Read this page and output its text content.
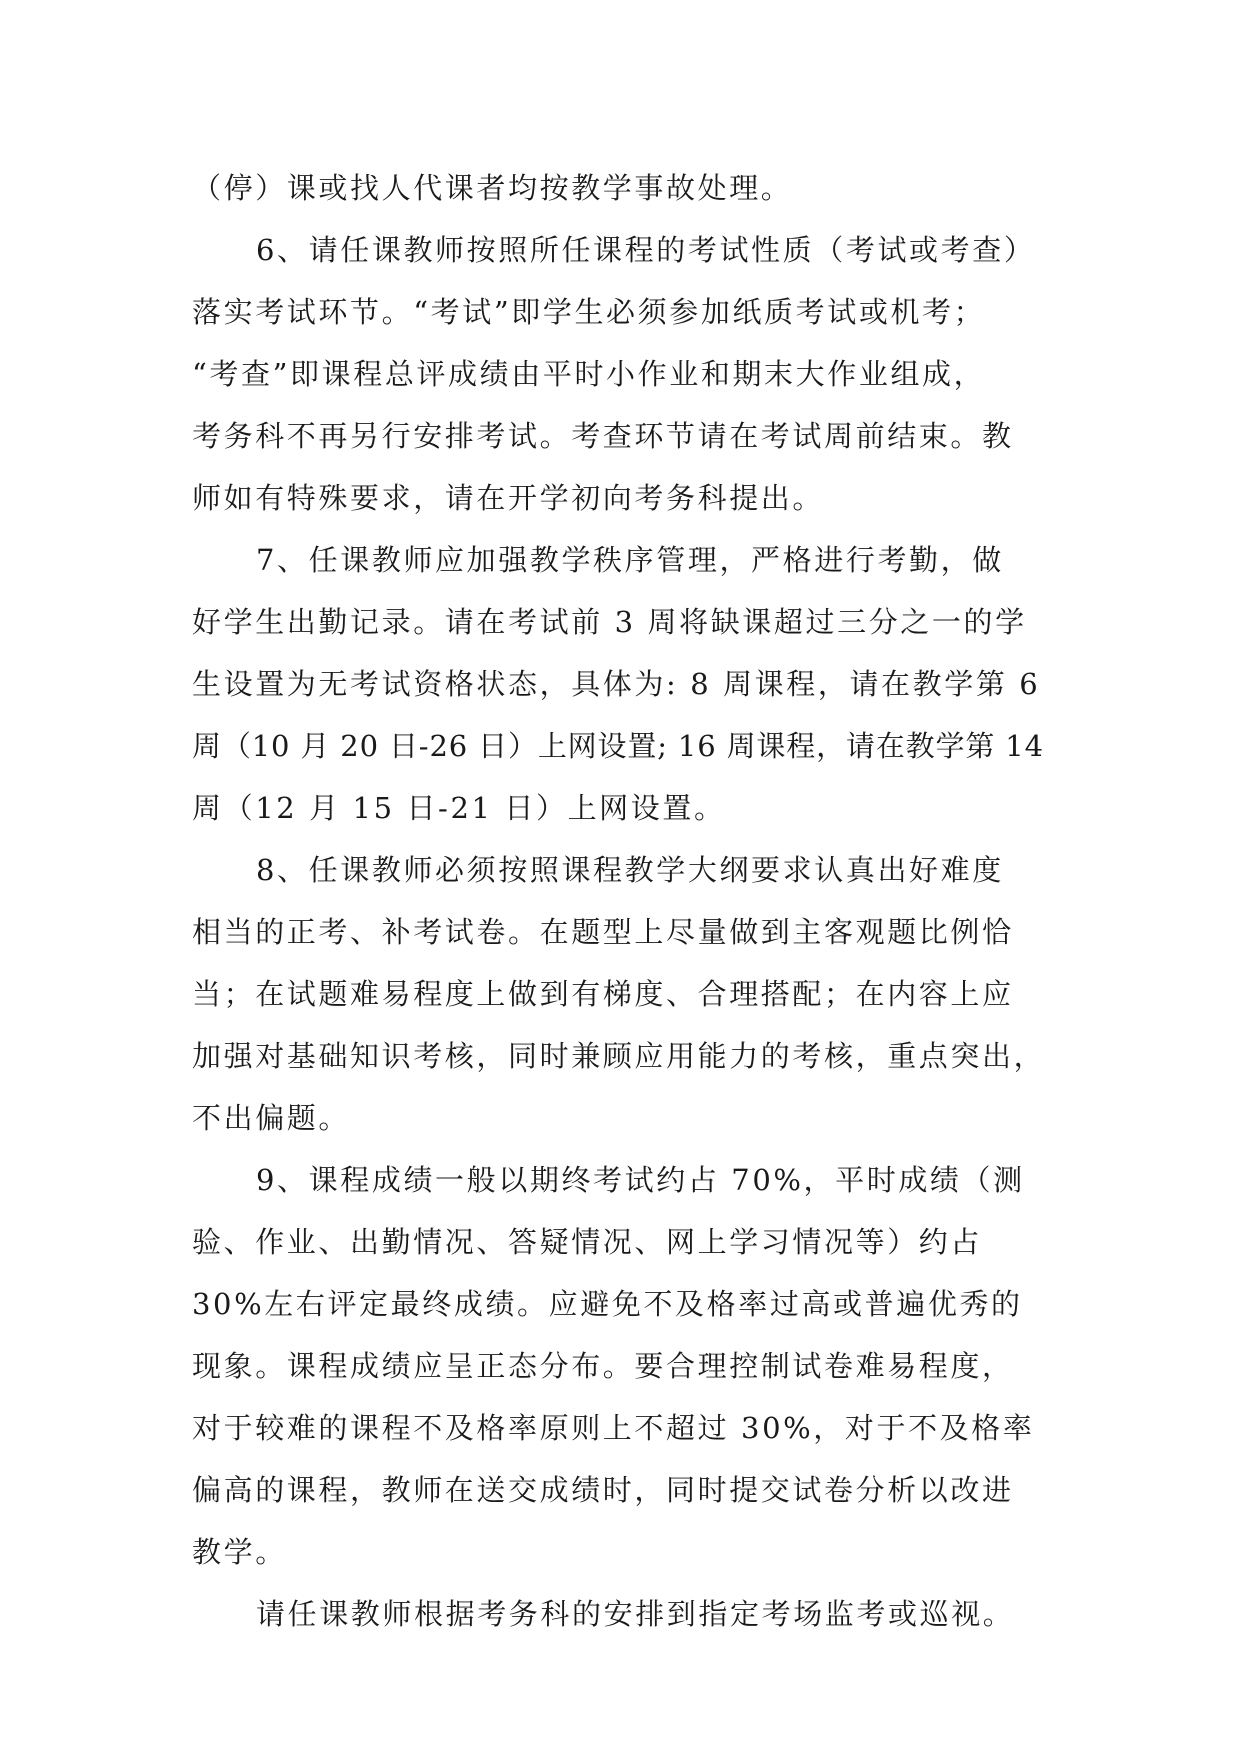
（停）课或找人代课者均按教学事故处理。
6、请任课教师按照所任课程的考试性质（考试或考查）
落实考试环节。“考试”即学生必须参加纸质考试或机考；
“考查”即课程总评成绩由平时小作业和期末大作业组成，
考务科不再另行安排考试。考查环节请在考试周前结束。教
师如有特殊要求，请在开学初向考务科提出。
7、任课教师应加强教学秩序管理，严格进行考勤，做
好学生出勤记录。请在考试前 3 周将缺课超过三分之一的学
生设置为无考试资格状态，具体为: 8 周课程，请在教学第 6
周（10 月 20 日-26 日）上网设置; 16 周课程，请在教学第 14
周（12 月 15 日-21 日）上网设置。
8、任课教师必须按照课程教学大纲要求认真出好难度
相当的正考、补考试卷。在题型上尽量做到主客观题比例恰
当；在试题难易程度上做到有梯度、合理搭配；在内容上应
加强对基础知识考核，同时兼顾应用能力的考核，重点突出，
不出偏题。
9、课程成绩一般以期终考试约占 70%，平时成绩（测
验、作业、出勤情况、答疑情况、网上学习情况等）约占
30%左右评定最终成绩。应避免不及格率过高或普遍优秀的
现象。课程成绩应呈正态分布。要合理控制试卷难易程度，
对于较难的课程不及格率原则上不超过 30%，对于不及格率
偏高的课程，教师在送交成绩时，同时提交试卷分析以改进
教学。
请任课教师根据考务科的安排到指定考场监考或巡视。
